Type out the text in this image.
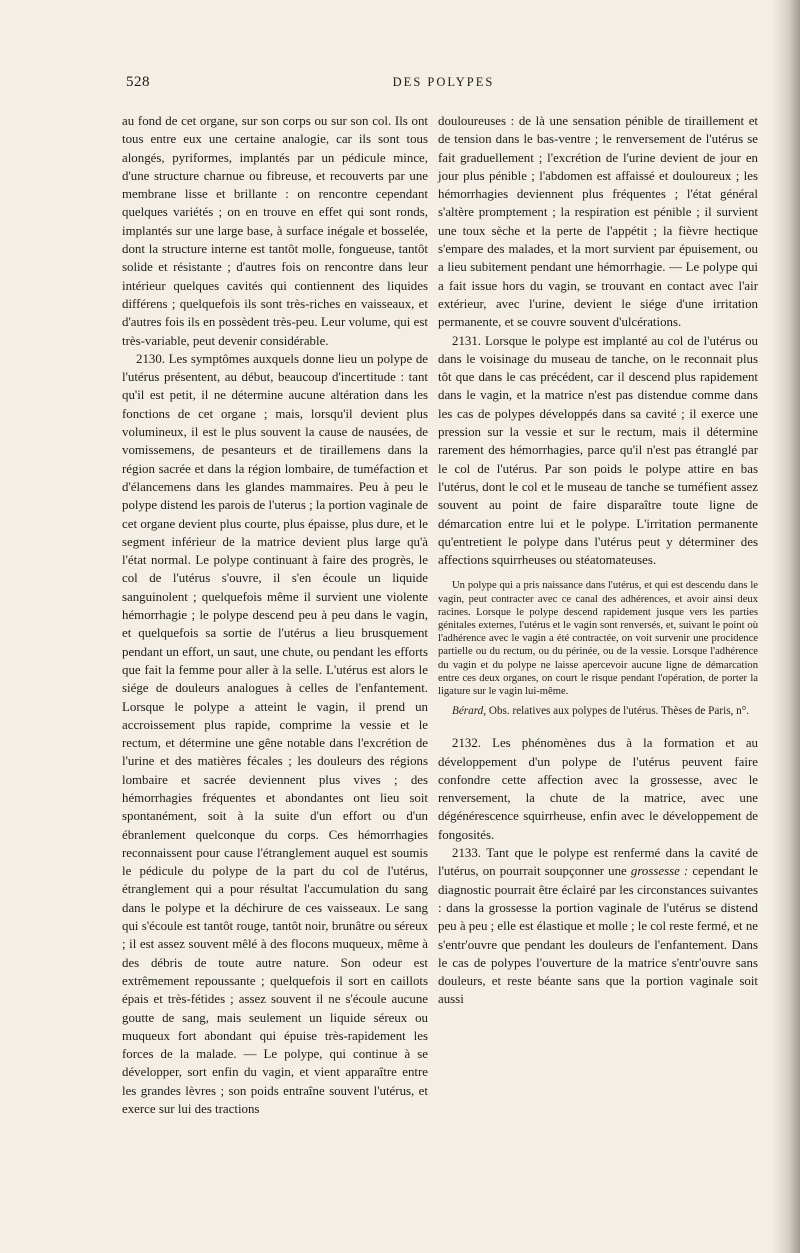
528	DES POLYPES

au fond de cet organe, sur son corps ou sur son col. Ils ont tous entre eux une certaine analogie, car ils sont tous alongés, pyriformes, implantés par un pédicule mince, d'une structure charnue ou fibreuse, et recouverts par une membrane lisse et brillante : on rencontre cependant quelques variétés ; on en trouve en effet qui sont ronds, implantés sur une large base, à surface inégale et bosselée, dont la structure interne est tantôt molle, fongueuse, tantôt solide et résistante ; d'autres fois on rencontre dans leur intérieur quelques cavités qui contiennent des liquides différens ; quelquefois ils sont très-riches en vaisseaux, et d'autres fois ils en possèdent très-peu. Leur volume, qui est très-variable, peut devenir considérable.

2130. Les symptômes auxquels donne lieu un polype de l'utérus présentent, au début, beaucoup d'incertitude : tant qu'il est petit, il ne détermine aucune altération dans les fonctions de cet organe ; mais, lorsqu'il devient plus volumineux, il est le plus souvent la cause de nausées, de vomissemens, de pesanteurs et de tiraillemens dans la région sacrée et dans la région lombaire, de tuméfaction et d'élancemens dans les glandes mammaires. Peu à peu le polype distend les parois de l'uterus ; la portion vaginale de cet organe devient plus courte, plus épaisse, plus dure, et le segment inférieur de la matrice devient plus large qu'à l'état normal. Le polype continuant à faire des progrès, le col de l'utérus s'ouvre, il s'en écoule un liquide sanguinolent ; quelquefois même il survient une violente hémorrhagie ; le polype descend peu à peu dans le vagin, et quelquefois sa sortie de l'utérus a lieu brusquement pendant un effort, un saut, une chute, ou pendant les efforts que fait la femme pour aller à la selle. L'utérus est alors le siége de douleurs analogues à celles de l'enfantement. Lorsque le polype a atteint le vagin, il prend un accroissement plus rapide, comprime la vessie et le rectum, et détermine une gêne notable dans l'excrétion de l'urine et des matières fécales ; les douleurs des régions lombaire et sacrée deviennent plus vives ; des hémorrhagies fréquentes et abondantes ont lieu soit spontanément, soit à la suite d'un effort ou d'un ébranlement quelconque du corps. Ces hémorrhagies reconnaissent pour cause l'étranglement auquel est soumis le pédicule du polype de la part du col de l'utérus, étranglement qui a pour résultat l'accumulation du sang dans le polype et la déchirure de ces vaisseaux. Le sang qui s'écoule est tantôt rouge, tantôt noir, brunâtre ou séreux ; il est assez souvent mêlé à des flocons muqueux, même à des débris de toute autre nature. Son odeur est extrêmement repoussante ; quelquefois il sort en caillots épais et très-fétides ; assez souvent il ne s'écoule aucune goutte de sang, mais seulement un liquide séreux ou muqueux fort abondant qui épuise très-rapidement les forces de la malade. — Le polype, qui continue à se développer, sort enfin du vagin, et vient apparaître entre les grandes lèvres ; son poids entraîne souvent l'utérus, et exerce sur lui des tractions

douloureuses : de là une sensation pénible de tiraillement et de tension dans le bas-ventre ; le renversement de l'utérus se fait graduellement ; l'excrétion de l'urine devient de jour en jour plus pénible ; l'abdomen est affaissé et douloureux ; les hémorrhagies deviennent plus fréquentes ; l'état général s'altère promptement ; la respiration est pénible ; il survient une toux sèche et la perte de l'appétit ; la fièvre hectique s'empare des malades, et la mort survient par épuisement, ou a lieu subitement pendant une hémorrhagie. — Le polype qui a fait issue hors du vagin, se trouvant en contact avec l'air extérieur, avec l'urine, devient le siége d'une irritation permanente, et se couvre souvent d'ulcérations.

2131. Lorsque le polype est implanté au col de l'utérus ou dans le voisinage du museau de tanche, on le reconnait plus tôt que dans le cas précédent, car il descend plus rapidement dans le vagin, et la matrice n'est pas distendue comme dans les cas de polypes développés dans sa cavité ; il exerce une pression sur la vessie et sur le rectum, mais il détermine rarement des hémorrhagies, parce qu'il n'est pas étranglé par le col de l'utérus. Par son poids le polype attire en bas l'utérus, dont le col et le museau de tanche se tuméfient assez souvent au point de faire disparaître toute ligne de démarcation entre lui et le polype. L'irritation permanente qu'entretient le polype dans l'utérus peut y déterminer des affections squirrheuses ou stéatomateuses.

Un polype qui a pris naissance dans l'utérus, et qui est descendu dans le vagin, peut contracter avec ce canal des adhérences, et avoir ainsi deux racines. Lorsque le polype descend rapidement jusque vers les parties génitales externes, l'utérus et le vagin sont renversés, et, suivant le point où l'adhérence avec le vagin a été contractée, on voit survenir une procidence partielle ou du rectum, ou du périnée, ou de la vessie. Lorsque l'adhérence du vagin et du polype ne laisse apercevoir aucune ligne de démarcation entre ces deux organes, on court le risque pendant l'opération, de porter la ligature sur le vagin lui-même.

Bérard, Obs. relatives aux polypes de l'utérus. Thèses de Paris, n°.

2132. Les phénomènes dus à la formation et au développement d'un polype de l'utérus peuvent faire confondre cette affection avec la grossesse, avec le renversement, la chute de la matrice, avec une dégénérescence squirrheuse, enfin avec le développement de fongosités.

2133. Tant que le polype est renfermé dans la cavité de l'utérus, on pourrait soupçonner une grossesse : cependant le diagnostic pourrait être éclairé par les circonstances suivantes : dans la grossesse la portion vaginale de l'utérus se distend peu à peu ; elle est élastique et molle ; le col reste fermé, et ne s'entr'ouvre que pendant les douleurs de l'enfantement. Dans le cas de polypes l'ouverture de la matrice s'entr'ouvre sans douleurs, et reste béante sans que la portion vaginale soit aussi
